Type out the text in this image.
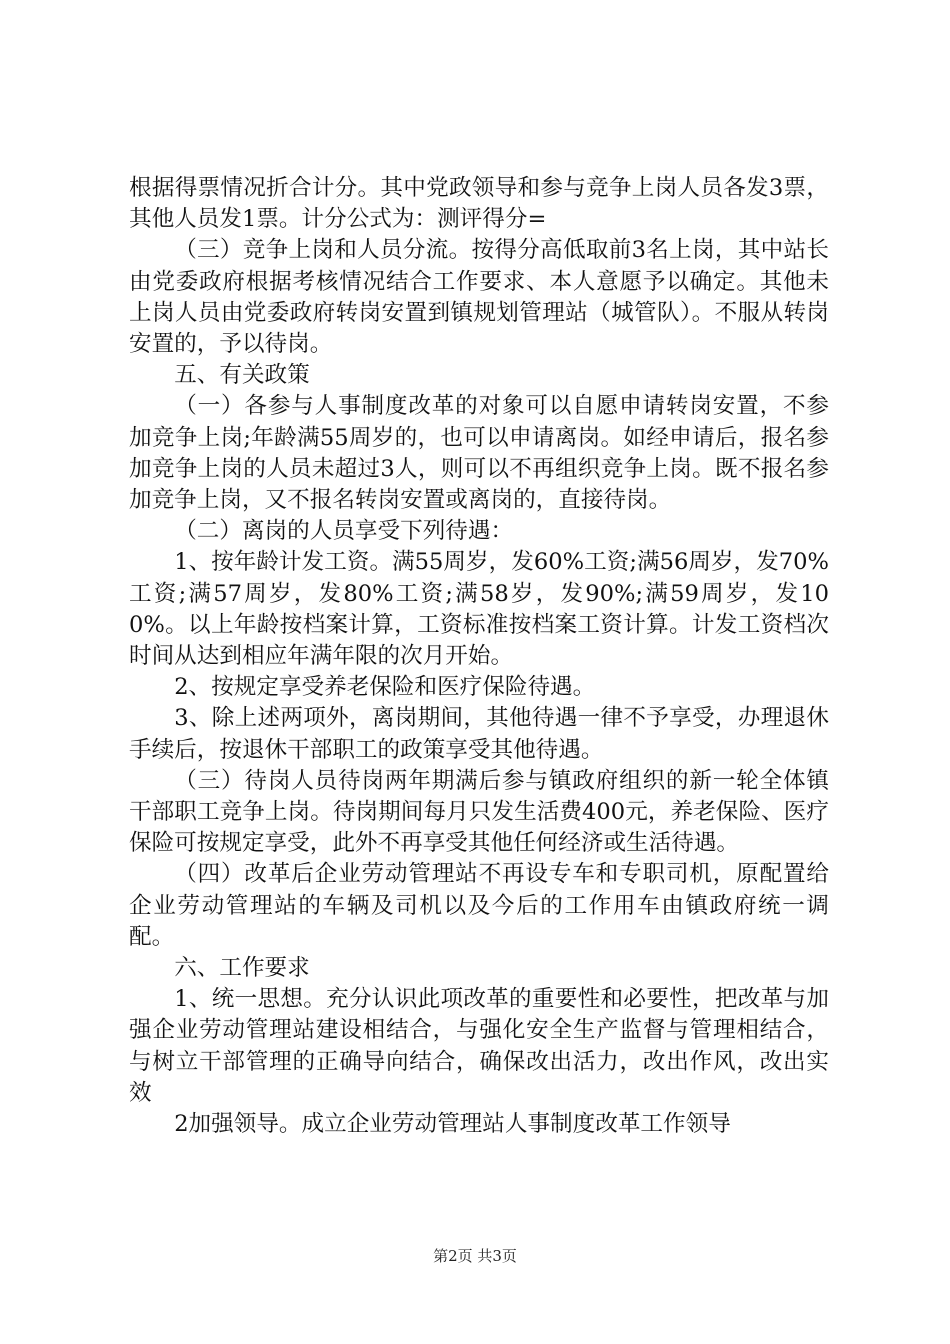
根据得票情况折合计分。其中党政领导和参与竞争上岗人员各发3票，其他人员发1票。计分公式为：测评得分=

（三）竞争上岗和人员分流。按得分高低取前3名上岗，其中站长由党委政府根据考核情况结合工作要求、本人意愿予以确定。其他未上岗人员由党委政府转岗安置到镇规划管理站（城管队）。不服从转岗安置的，予以待岗。

五、有关政策

（一）各参与人事制度改革的对象可以自愿申请转岗安置，不参加竞争上岗;年龄满55周岁的，也可以申请离岗。如经申请后，报名参加竞争上岗的人员未超过3人，则可以不再组织竞争上岗。既不报名参加竞争上岗，又不报名转岗安置或离岗的，直接待岗。

（二）离岗的人员享受下列待遇：

1、按年龄计发工资。满55周岁，发60%工资;满56周岁，发70%工资;满57周岁，发80%工资;满58岁，发90%;满59周岁，发100%。以上年龄按档案计算，工资标准按档案工资计算。计发工资档次时间从达到相应年满年限的次月开始。

2、按规定享受养老保险和医疗保险待遇。

3、除上述两项外，离岗期间，其他待遇一律不予享受，办理退休手续后，按退休干部职工的政策享受其他待遇。

（三）待岗人员待岗两年期满后参与镇政府组织的新一轮全体镇干部职工竞争上岗。待岗期间每月只发生活费400元，养老保险、医疗保险可按规定享受，此外不再享受其他任何经济或生活待遇。

（四）改革后企业劳动管理站不再设专车和专职司机，原配置给企业劳动管理站的车辆及司机以及今后的工作用车由镇政府统一调配。

六、工作要求

1、统一思想。充分认识此项改革的重要性和必要性，把改革与加强企业劳动管理站建设相结合，与强化安全生产监督与管理相结合，与树立干部管理的正确导向结合，确保改出活力，改出作风，改出实效

2加强领导。成立企业劳动管理站人事制度改革工作领导

第2页 共3页
